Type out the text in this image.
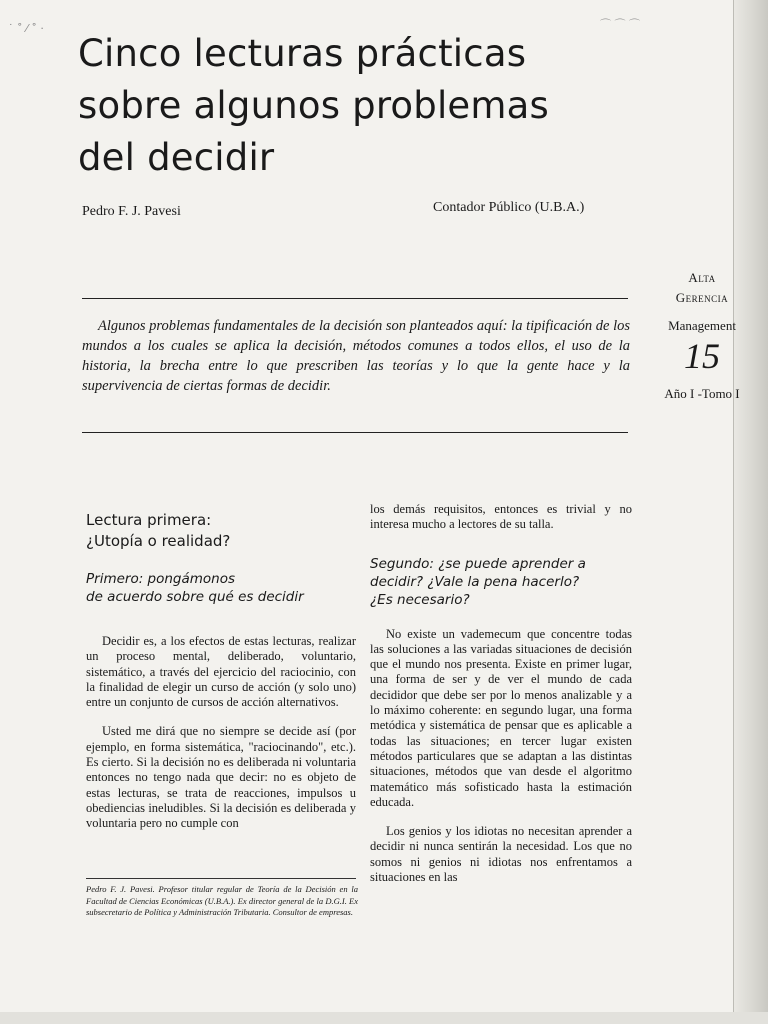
˙ ˚ ⁄ ˚ ·	⌒ ⌒ ⌒
Cinco lecturas prácticas
sobre algunos problemas
del decidir
Pedro F. J. Pavesi	Contador Público (U.B.A.)
Algunos problemas fundamentales de la decisión son planteados aquí: la tipificación de los mundos a los cuales se aplica la decisión, métodos comunes a todos ellos, el uso de la historia, la brecha entre lo que prescriben las teorías y lo que la gente hace y la supervivencia de ciertas formas de decidir.
Alta
Gerencia
Management
15
Año I -Tomo I
Lectura primera:
¿Utopía o realidad?
Primero: pongámonos
de acuerdo sobre qué es decidir

Decidir es, a los efectos de estas lecturas, realizar un proceso mental, deliberado, voluntario, sistemático, a través del ejercicio del raciocinio, con la finalidad de elegir un curso de acción (y solo uno) entre un conjunto de cursos de acción alternativos.

Usted me dirá que no siempre se decide así (por ejemplo, en forma sistemática, "raciocinando", etc.). Es cierto. Si la decisión no es deliberada ni voluntaria entonces no tengo nada que decir: no es objeto de estas lecturas, se trata de reacciones, impulsos u obediencias ineludibles. Si la decisión es deliberada y voluntaria pero no cumple con

Pedro F. J. Pavesi. Profesor titular regular de Teoría de la Decisión en la Facultad de Ciencias Económicas (U.B.A.). Ex director general de la D.G.I. Ex subsecretario de Política y Administración Tributaria. Consultor de empresas.

los demás requisitos, entonces es trivial y no interesa mucho a lectores de su talla.

Segundo: ¿se puede aprender a
decidir? ¿Vale la pena hacerlo?
¿Es necesario?

No existe un vademecum que concentre todas las soluciones a las variadas situaciones de decisión que el mundo nos presenta. Existe en primer lugar, una forma de ser y de ver el mundo de cada decididor que debe ser por lo menos analizable y a lo máximo coherente: en segundo lugar, una forma metódica y sistemática de pensar que es aplicable a todas las situaciones; en tercer lugar existen métodos particulares que se adaptan a las distintas situaciones, métodos que van desde el algoritmo matemático más sofisticado hasta la estimación educada.

Los genios y los idiotas no necesitan aprender a decidir ni nunca sentirán la necesidad. Los que no somos ni genios ni idiotas nos enfrentamos a situaciones en las
